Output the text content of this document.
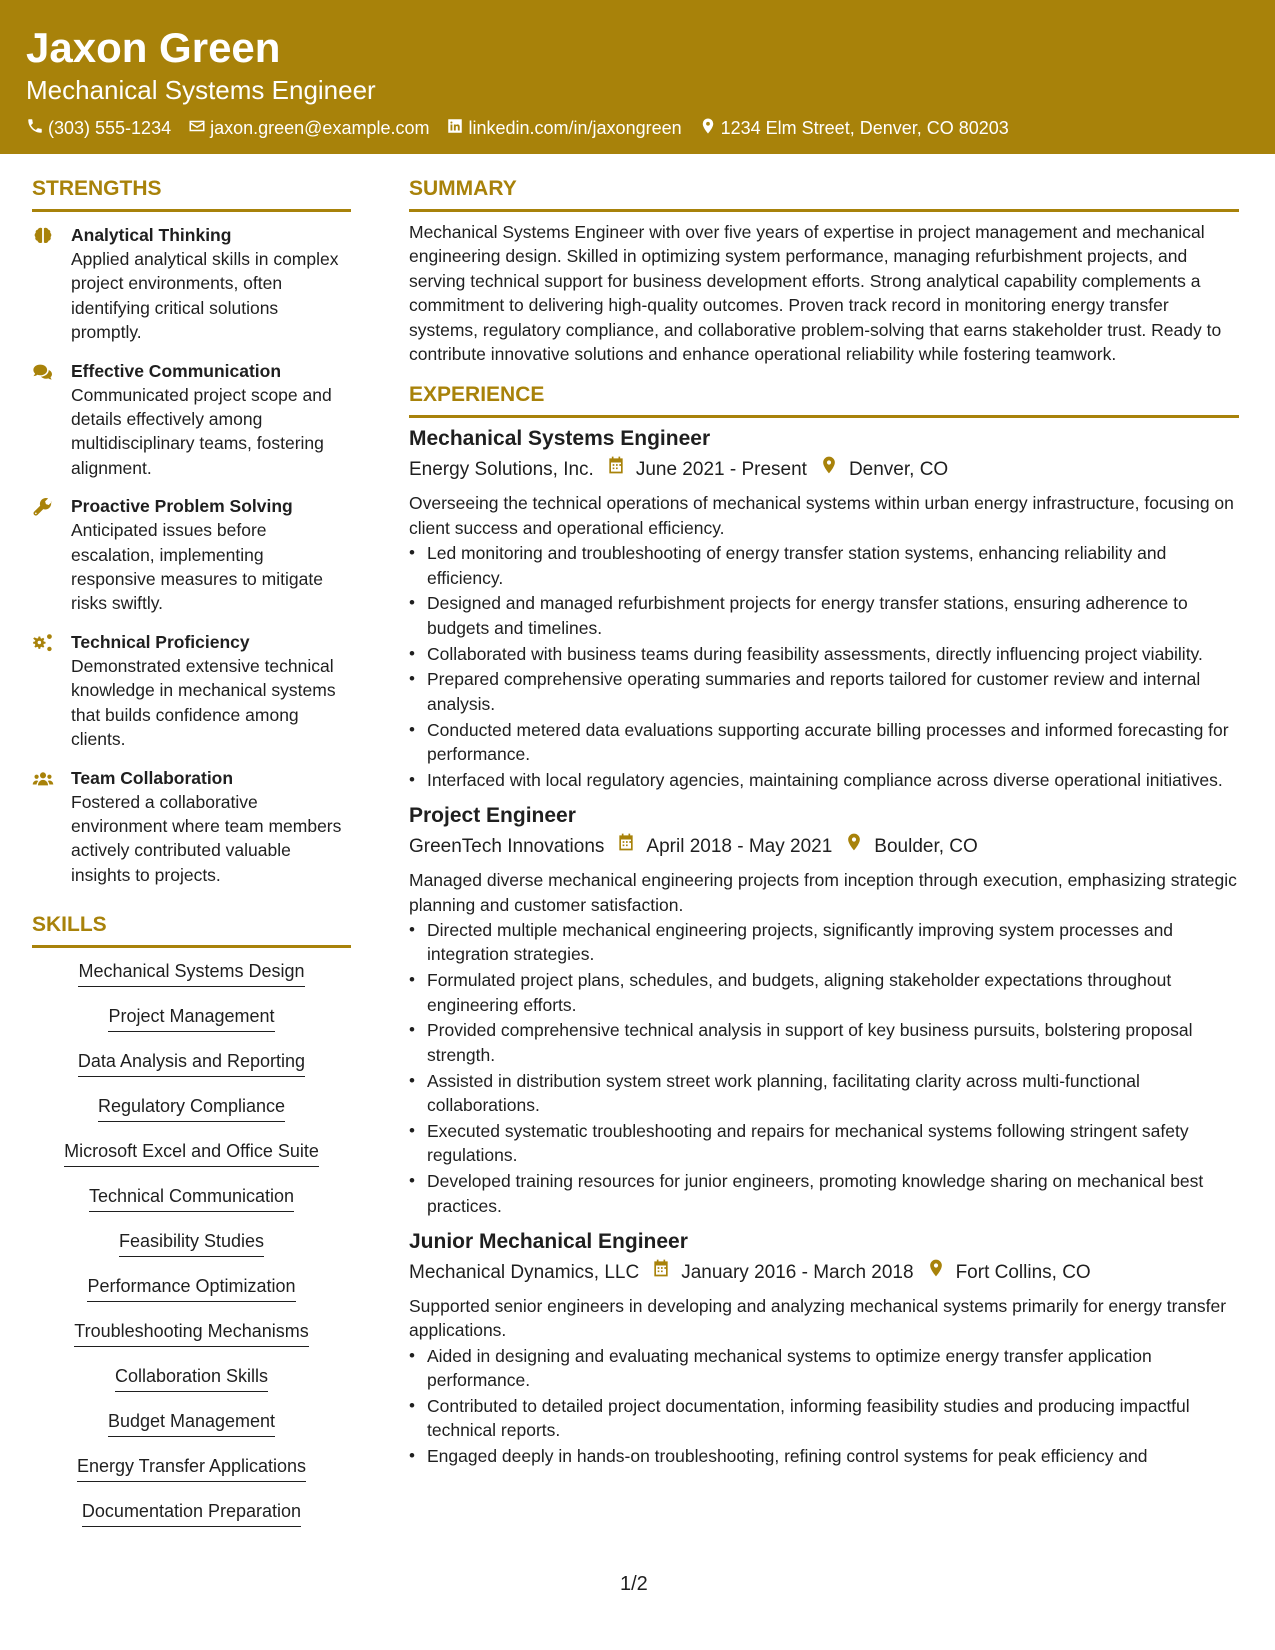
Jaxon Green
Mechanical Systems Engineer
(303) 555-1234 jaxon.green@example.com linkedin.com/in/jaxongreen 1234 Elm Street, Denver, CO 80203
STRENGTHS
Analytical Thinking
Applied analytical skills in complex project environments, often identifying critical solutions promptly.
Effective Communication
Communicated project scope and details effectively among multidisciplinary teams, fostering alignment.
Proactive Problem Solving
Anticipated issues before escalation, implementing responsive measures to mitigate risks swiftly.
Technical Proficiency
Demonstrated extensive technical knowledge in mechanical systems that builds confidence among clients.
Team Collaboration
Fostered a collaborative environment where team members actively contributed valuable insights to projects.
SKILLS
Mechanical Systems Design
Project Management
Data Analysis and Reporting
Regulatory Compliance
Microsoft Excel and Office Suite
Technical Communication
Feasibility Studies
Performance Optimization
Troubleshooting Mechanisms
Collaboration Skills
Budget Management
Energy Transfer Applications
Documentation Preparation
SUMMARY
Mechanical Systems Engineer with over five years of expertise in project management and mechanical engineering design. Skilled in optimizing system performance, managing refurbishment projects, and serving technical support for business development efforts. Strong analytical capability complements a commitment to delivering high-quality outcomes. Proven track record in monitoring energy transfer systems, regulatory compliance, and collaborative problem-solving that earns stakeholder trust. Ready to contribute innovative solutions and enhance operational reliability while fostering teamwork.
EXPERIENCE
Mechanical Systems Engineer
Energy Solutions, Inc. June 2021 - Present Denver, CO
Overseeing the technical operations of mechanical systems within urban energy infrastructure, focusing on client success and operational efficiency.
• Led monitoring and troubleshooting of energy transfer station systems, enhancing reliability and efficiency.
• Designed and managed refurbishment projects for energy transfer stations, ensuring adherence to budgets and timelines.
• Collaborated with business teams during feasibility assessments, directly influencing project viability.
• Prepared comprehensive operating summaries and reports tailored for customer review and internal analysis.
• Conducted metered data evaluations supporting accurate billing processes and informed forecasting for performance.
• Interfaced with local regulatory agencies, maintaining compliance across diverse operational initiatives.
Project Engineer
GreenTech Innovations April 2018 - May 2021 Boulder, CO
Managed diverse mechanical engineering projects from inception through execution, emphasizing strategic planning and customer satisfaction.
• Directed multiple mechanical engineering projects, significantly improving system processes and integration strategies.
• Formulated project plans, schedules, and budgets, aligning stakeholder expectations throughout engineering efforts.
• Provided comprehensive technical analysis in support of key business pursuits, bolstering proposal strength.
• Assisted in distribution system street work planning, facilitating clarity across multi-functional collaborations.
• Executed systematic troubleshooting and repairs for mechanical systems following stringent safety regulations.
• Developed training resources for junior engineers, promoting knowledge sharing on mechanical best practices.
Junior Mechanical Engineer
Mechanical Dynamics, LLC January 2016 - March 2018 Fort Collins, CO
Supported senior engineers in developing and analyzing mechanical systems primarily for energy transfer applications.
• Aided in designing and evaluating mechanical systems to optimize energy transfer application performance.
• Contributed to detailed project documentation, informing feasibility studies and producing impactful technical reports.
• Engaged deeply in hands-on troubleshooting, refining control systems for peak efficiency and
1/2
